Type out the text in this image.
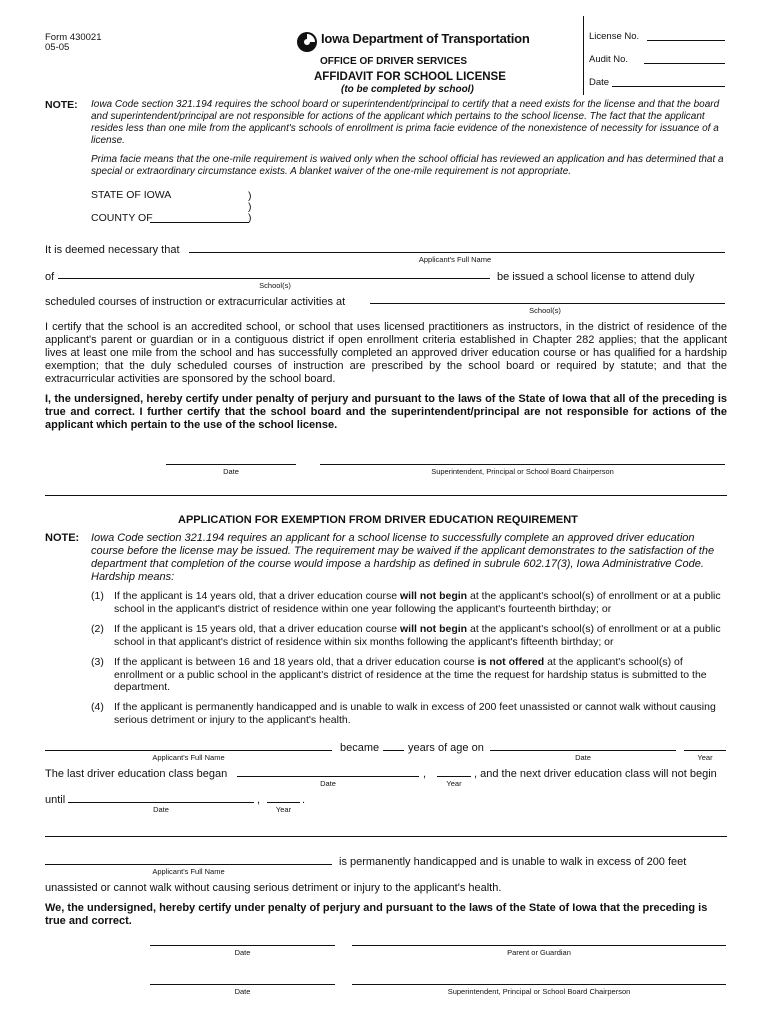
Form 430021
05-05
Iowa Department of Transportation
OFFICE OF DRIVER SERVICES
AFFIDAVIT FOR SCHOOL LICENSE
(to be completed by school)
License No.
Audit No.
Date
NOTE: Iowa Code section 321.194 requires the school board or superintendent/principal to certify that a need exists for the license and that the board and superintendent/principal are not responsible for actions of the applicant which pertains to the school license. The fact that the applicant resides less than one mile from the applicant's schools of enrollment is prima facie evidence of the nonexistence of necessity for issuance of a license.
Prima facie means that the one-mile requirement is waived only when the school official has reviewed an application and has determined that a special or extraordinary circumstance exists. A blanket waiver of the one-mile requirement is not appropriate.
STATE OF IOWA	)
)
COUNTY OF	)
It is deemed necessary that
Applicant's Full Name
of
School(s)
be issued a school license to attend duly
scheduled courses of instruction or extracurricular activities at
School(s)
I certify that the school is an accredited school, or school that uses licensed practitioners as instructors, in the district of residence of the applicant's parent or guardian or in a contiguous district if open enrollment criteria established in Chapter 282 applies; that the applicant lives at least one mile from the school and has successfully completed an approved driver education course or has qualified for a hardship exemption; that the duly scheduled courses of instruction are prescribed by the school board or required by statute; and that the extracurricular activities are sponsored by the school board.
I, the undersigned, hereby certify under penalty of perjury and pursuant to the laws of the State of Iowa that all of the preceding is true and correct. I further certify that the school board and the superintendent/principal are not responsible for actions of the applicant which pertain to the use of the school license.
Date	Superintendent, Principal or School Board Chairperson
APPLICATION FOR EXEMPTION FROM DRIVER EDUCATION REQUIREMENT
NOTE: Iowa Code section 321.194 requires an applicant for a school license to successfully complete an approved driver education course before the license may be issued. The requirement may be waived if the applicant demonstrates to the satisfaction of the department that completion of the course would impose a hardship as defined in subrule 602.17(3), Iowa Administrative Code. Hardship means:
(1) If the applicant is 14 years old, that a driver education course will not begin at the applicant's school(s) of enrollment or at a public school in the applicant's district of residence within one year following the applicant's fourteenth birthday; or
(2) If the applicant is 15 years old, that a driver education course will not begin at the applicant's school(s) of enrollment or at a public school in that applicant's district of residence within six months following the applicant's fifteenth birthday; or
(3) If the applicant is between 16 and 18 years old, that a driver education course is not offered at the applicant's school(s) of enrollment or a public school in the applicant's district of residence at the time the request for hardship status is submitted to the department.
(4) If the applicant is permanently handicapped and is unable to walk in excess of 200 feet unassisted or cannot walk without causing serious detriment or injury to the applicant's health.
Applicant's Full Name
became	years of age on
Date	Year
The last driver education class began
Date
,
Year
, and the next driver education class will not begin
until
Date
,
Year
.
Applicant's Full Name
is permanently handicapped and is unable to walk in excess of 200 feet
unassisted or cannot walk without causing serious detriment or injury to the applicant's health.
We, the undersigned, hereby certify under penalty of perjury and pursuant to the laws of the State of Iowa that the preceding is true and correct.
Date	Parent or Guardian
Date	Superintendent, Principal or School Board Chairperson
